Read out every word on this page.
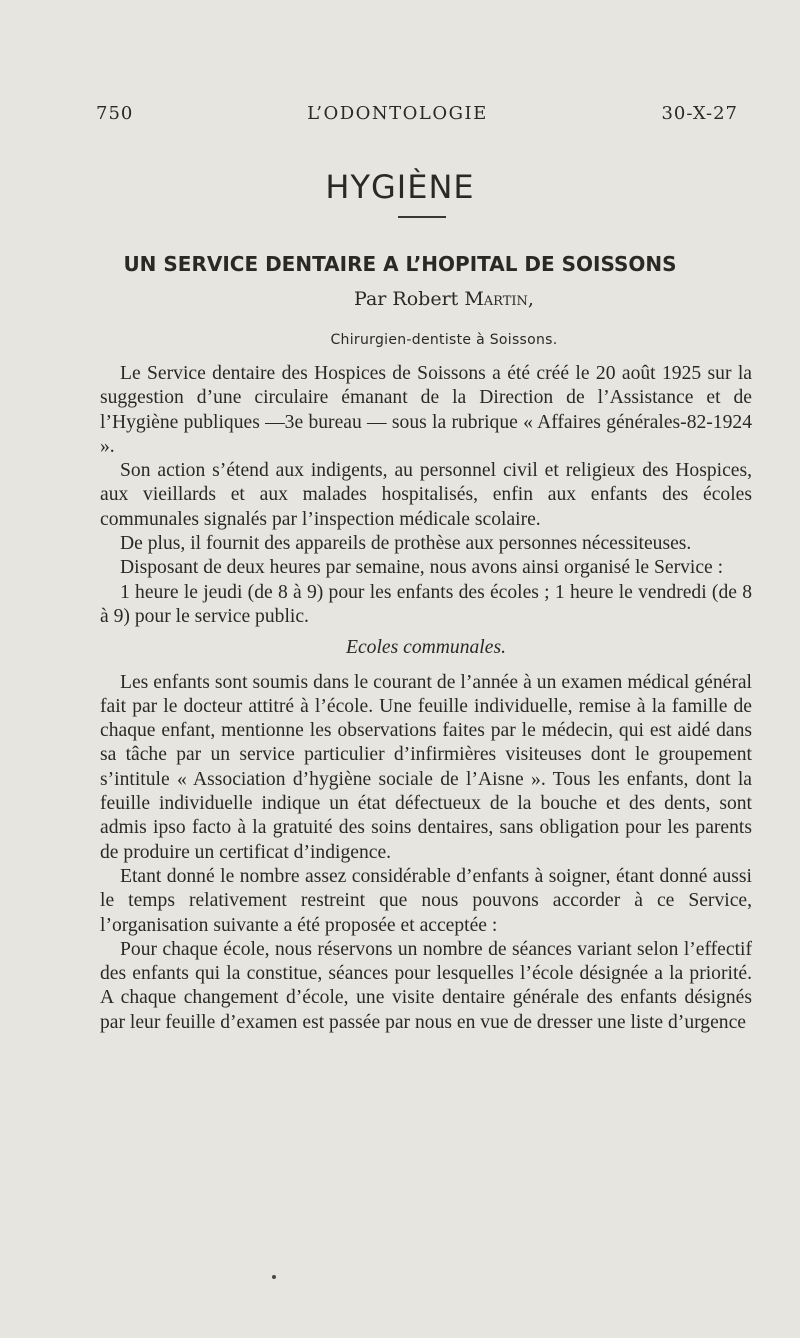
750	L’ODONTOLOGIE	30-X-27
HYGIÈNE
UN SERVICE DENTAIRE A L’HOPITAL DE SOISSONS
Par Robert Martin,
Chirurgien-dentiste à Soissons.

Le Service dentaire des Hospices de Soissons a été créé le 20 août 1925 sur la suggestion d’une circulaire émanant de la Direction de l’Assistance et de l’Hygiène publiques —3e bureau — sous la rubrique « Affaires générales-82-1924 ».

Son action s’étend aux indigents, au personnel civil et religieux des Hospices, aux vieillards et aux malades hospitalisés, enfin aux enfants des écoles communales signalés par l’inspection médicale scolaire.

De plus, il fournit des appareils de prothèse aux personnes nécessiteuses.

Disposant de deux heures par semaine, nous avons ainsi organisé le Service :

1 heure le jeudi (de 8 à 9) pour les enfants des écoles ; 1 heure le vendredi (de 8 à 9) pour le service public.

Ecoles communales.

Les enfants sont soumis dans le courant de l’année à un examen médical général fait par le docteur attitré à l’école. Une feuille individuelle, remise à la famille de chaque enfant, mentionne les observations faites par le médecin, qui est aidé dans sa tâche par un service particulier d’infirmières visiteuses dont le groupement s’intitule « Association d’hygiène sociale de l’Aisne ». Tous les enfants, dont la feuille individuelle indique un état défectueux de la bouche et des dents, sont admis ipso facto à la gratuité des soins dentaires, sans obligation pour les parents de produire un certificat d’indigence.

Etant donné le nombre assez considérable d’enfants à soigner, étant donné aussi le temps relativement restreint que nous pouvons accorder à ce Service, l’organisation suivante a été proposée et acceptée :

Pour chaque école, nous réservons un nombre de séances variant selon l’effectif des enfants qui la constitue, séances pour lesquelles l’école désignée a la priorité. A chaque changement d’école, une visite dentaire générale des enfants désignés par leur feuille d’examen est passée par nous en vue de dresser une liste d’urgence
